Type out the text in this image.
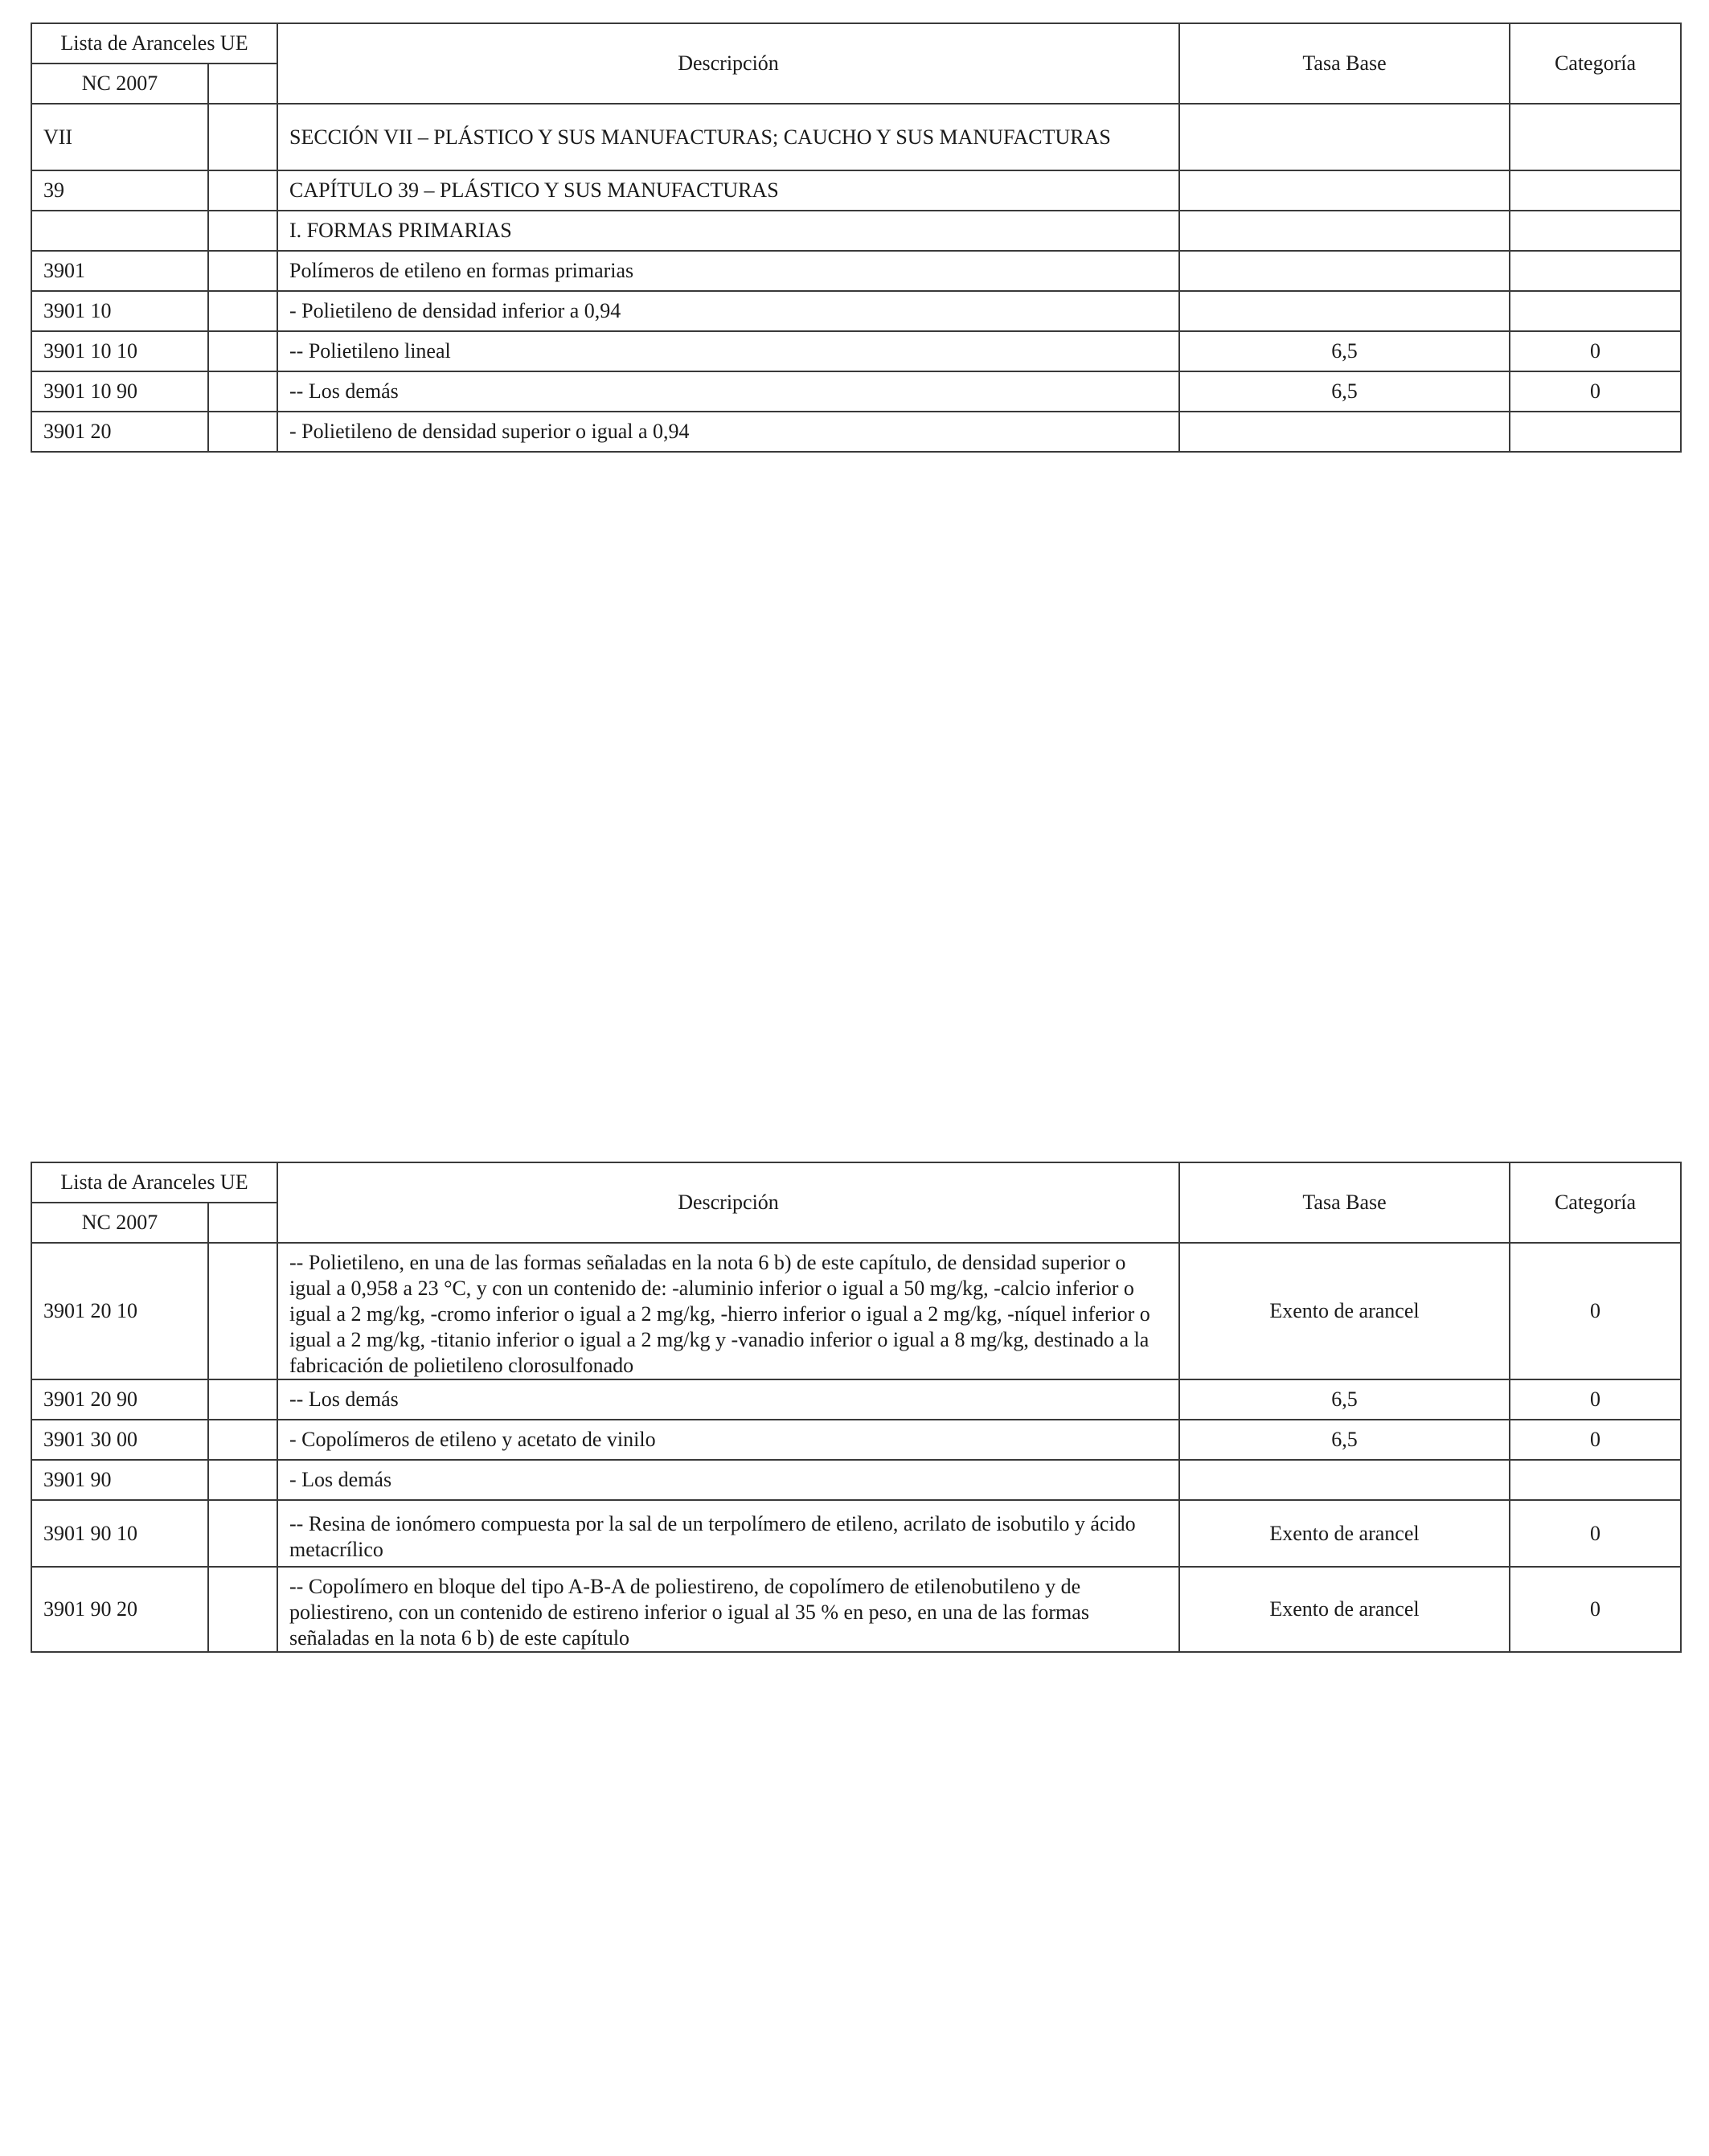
Lista de Aranceles UE		Descripción	Tasa Base	Categoría
NC 2007				
VII		SECCIÓN VII – PLÁSTICO Y SUS MANUFACTURAS; CAUCHO Y SUS MANUFACTURAS		
39		CAPÍTULO 39 – PLÁSTICO Y SUS MANUFACTURAS		
		I. FORMAS PRIMARIAS		
3901		Polímeros de etileno en formas primarias		
3901 10		- Polietileno de densidad inferior a 0,94		
3901 10 10		-- Polietileno lineal	6,5	0
3901 10 90		-- Los demás	6,5	0
3901 20		- Polietileno de densidad superior o igual a 0,94		
Lista de Aranceles UE		Descripción	Tasa Base	Categoría
NC 2007				
3901 20 10		-- Polietileno, en una de las formas señaladas en la nota 6 b) de este capítulo, de densidad superior o igual a 0,958 a 23 °C, y con un contenido de: -aluminio inferior o igual a 50 mg/kg, -calcio inferior o igual a 2 mg/kg, -cromo inferior o igual a 2 mg/kg, -hierro inferior o igual a 2 mg/kg, -níquel inferior o igual a 2 mg/kg, -titanio inferior o igual a 2 mg/kg y -vanadio inferior o igual a 8 mg/kg, destinado a la fabricación de polietileno clorosulfonado	Exento de arancel	0
3901 20 90		-- Los demás	6,5	0
3901 30 00		- Copolímeros de etileno y acetato de vinilo	6,5	0
3901 90		- Los demás		
3901 90 10		-- Resina de ionómero compuesta por la sal de un terpolímero de etileno, acrilato de isobutilo y ácido metacrílico	Exento de arancel	0
3901 90 20		-- Copolímero en bloque del tipo A-B-A de poliestireno, de copolímero de etilenobutileno y de poliestireno, con un contenido de estireno inferior o igual al 35 % en peso, en una de las formas señaladas en la nota 6 b) de este capítulo	Exento de arancel	0
